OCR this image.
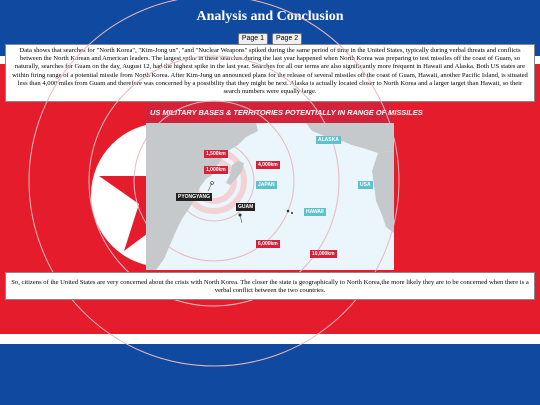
Analysis and Conclusion
Page 1 Page 2
Data shows that searches for "North Korea", "Kim-Jong un", "and "Nuclear Weapons" spiked during the same period of time in the United States, typically during verbal threats and conflicts between the North Korean and American leaders. The largest spike in these searches during the last year happened when North Korea was preparing to test missiles off the coast of Guam, so naturally, searches for Guam on the day, August 12, had the highest spike in the last year. Searches for all our terms are also significantly more frequent in Hawaii and Alaska. Both US states are within firing range of a potential missile from North Korea. After Kim-Jung un announced plans for the release of several missiles off the coast of Guam, Hawaii, another Pacific Island, is situated less than 4,000 miles from Guam and therefore was concerned by a possibility that they might be next. Alaska is actually located closer to North Korea and a larger target than Hawaii, so their search numbers were equally large.
US MILITARY BASES & TERRITORIES POTENTIALLY IN RANGE OF MISSILES
1,500km
1,000km
4,000km
6,000km
10,000km
PYONGYANG
GUAM
JAPAN
ALASKA
USA
HAWAII
So, citizens of the United States are very concerned about the crisis with North Korea. The closer the state is geographically to North Korea,the more likely they are to be concerned when there is a verbal conflict between the two countries.
